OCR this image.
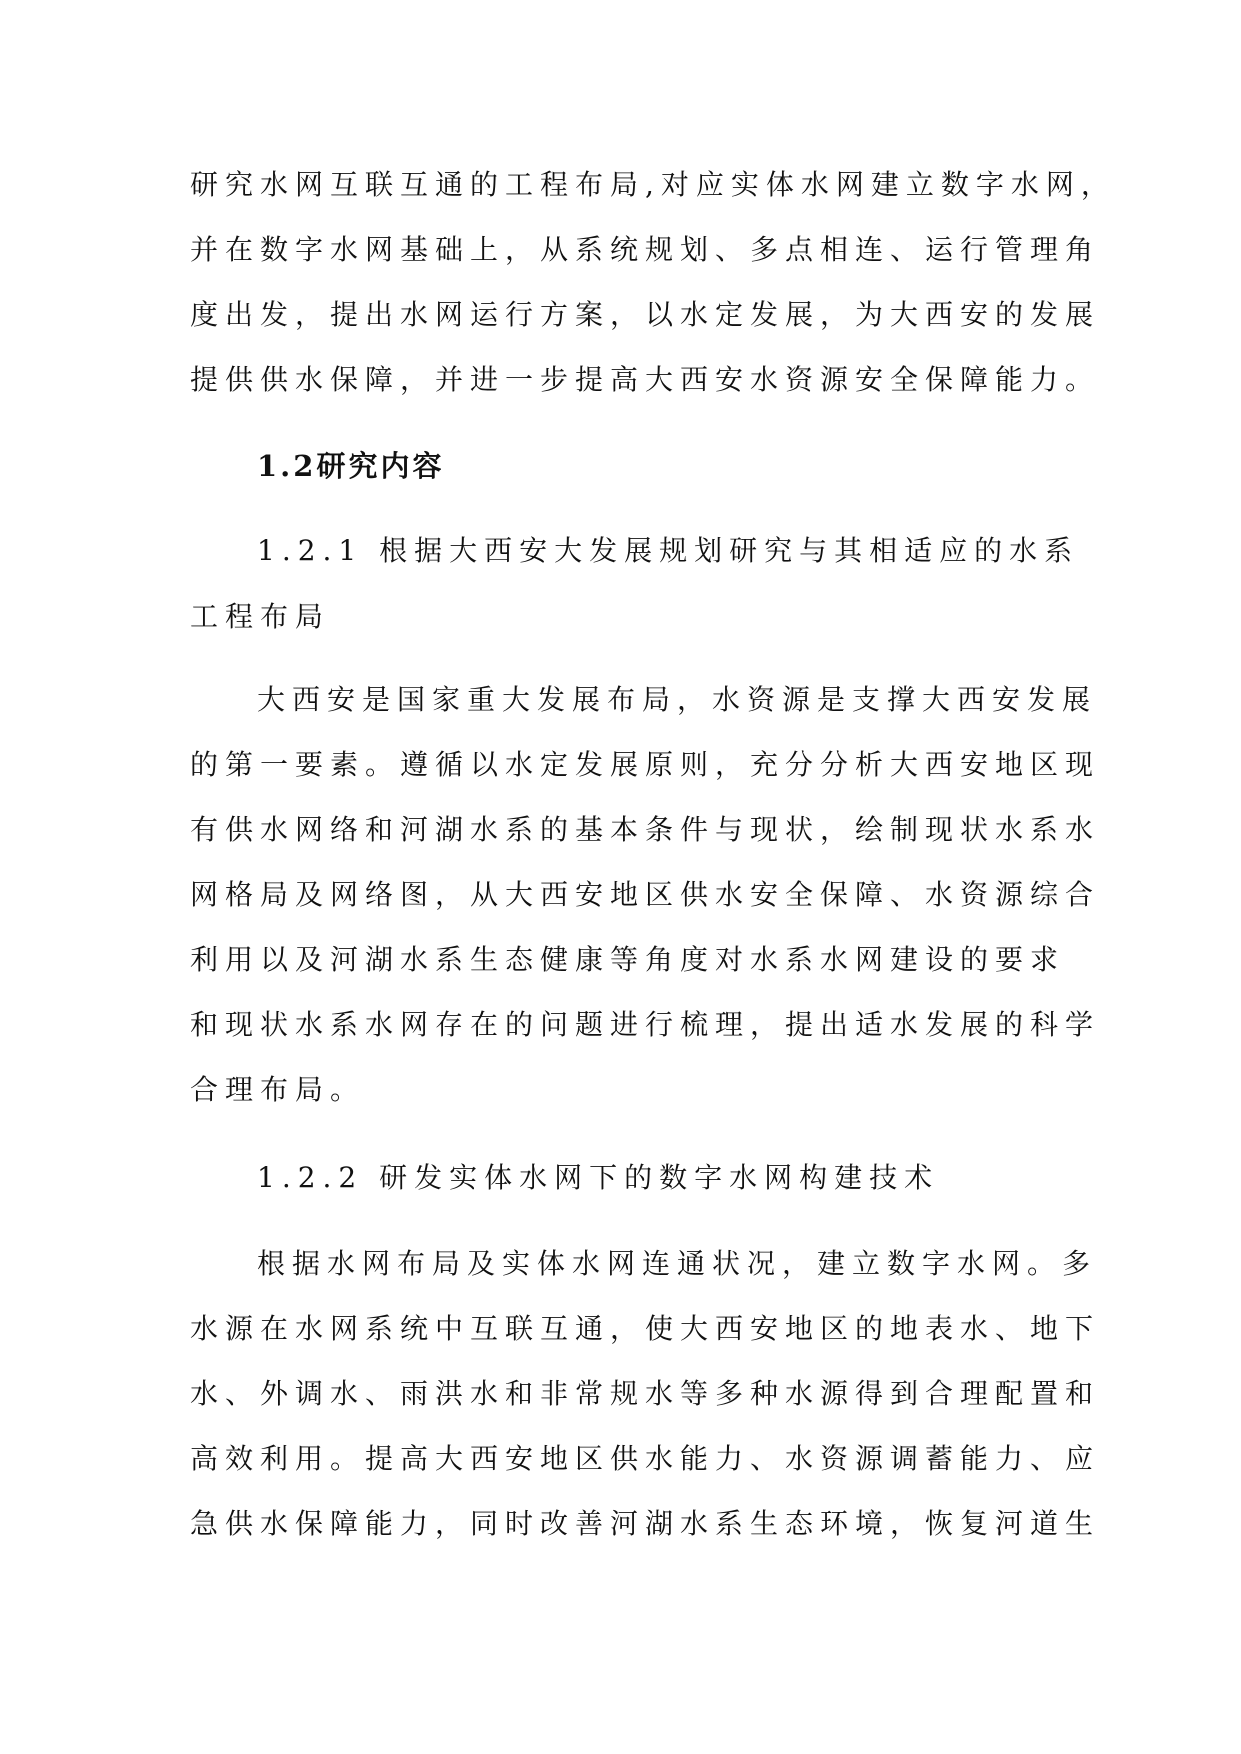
研究水网互联互通的工程布局,对应实体水网建立数字水网，
并在数字水网基础上，从系统规划、多点相连、运行管理角
度出发，提出水网运行方案，以水定发展，为大西安的发展
提供供水保障，并进一步提高大西安水资源安全保障能力。
1.2研究内容
1.2.1 根据大西安大发展规划研究与其相适应的水系
工程布局
大西安是国家重大发展布局，水资源是支撑大西安发展
的第一要素。遵循以水定发展原则，充分分析大西安地区现
有供水网络和河湖水系的基本条件与现状，绘制现状水系水
网格局及网络图，从大西安地区供水安全保障、水资源综合
利用以及河湖水系生态健康等角度对水系水网建设的要求
和现状水系水网存在的问题进行梳理，提出适水发展的科学
合理布局。
1.2.2 研发实体水网下的数字水网构建技术
根据水网布局及实体水网连通状况，建立数字水网。多
水源在水网系统中互联互通，使大西安地区的地表水、地下
水、外调水、雨洪水和非常规水等多种水源得到合理配置和
高效利用。提高大西安地区供水能力、水资源调蓄能力、应
急供水保障能力，同时改善河湖水系生态环境，恢复河道生
